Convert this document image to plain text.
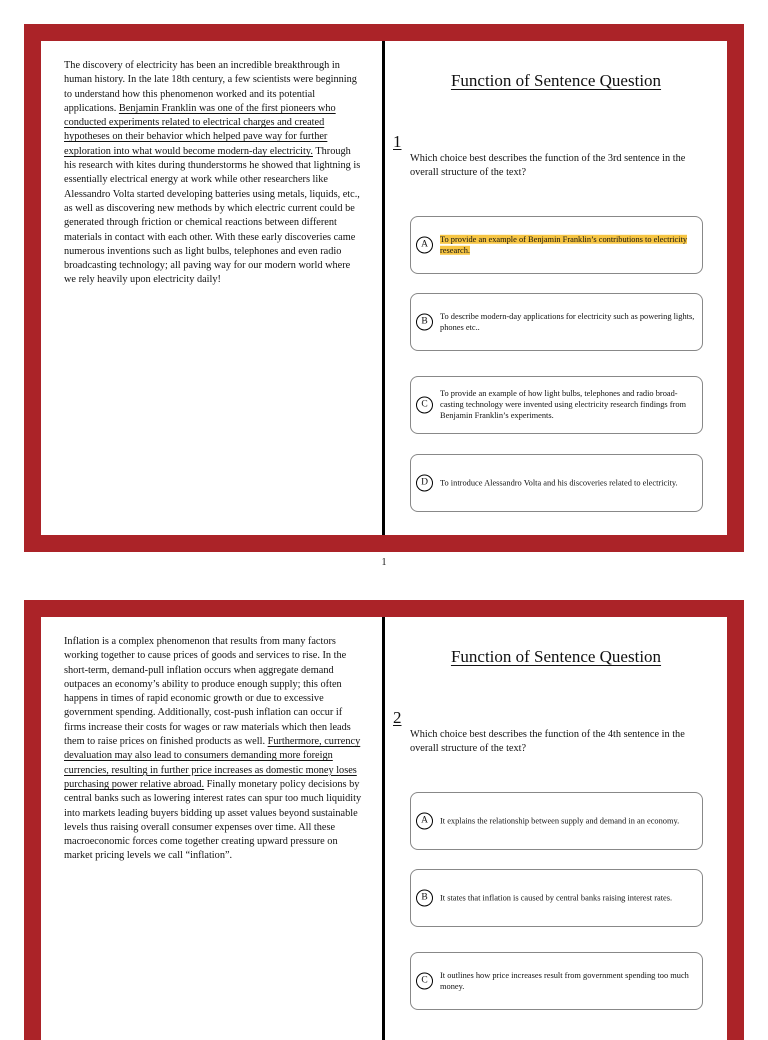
The discovery of electricity has been an incredible breakthrough in human history. In the late 18th century, a few scientists were beginning to understand how this phenomenon worked and its potential applications. Benjamin Franklin was one of the first pioneers who conducted experiments related to electrical charges and created hypotheses on their behavior which helped pave way for further exploration into what would become modern-day electricity. Through his research with kites during thunderstorms he showed that lightning is essentially electrical energy at work while other researchers like Alessandro Volta started developing batteries using metals, liquids, etc., as well as discovering new methods by which electric current could be generated through friction or chemical reactions between different materials in contact with each other. With these early discoveries came numerous inventions such as light bulbs, telephones and even radio broadcasting technology; all paving way for our modern world where we rely heavily upon electricity daily!
Function of Sentence Question
1
Which choice best describes the function of the 3rd sentence in the overall structure of the text?
A
To provide an example of Benjamin Franklin’s contributions to electricity research.
B
To describe modern-day applications for electricity such as powering lights, phones etc..
C
To provide an example of how light bulbs, telephones and radio broad-casting technology were invented using electricity research findings from Benjamin Franklin’s experiments.
D	To introduce Alessandro Volta and his discoveries related to electricity.
1
Inflation is a complex phenomenon that results from many factors working together to cause prices of goods and services to rise. In the short-term, demand-pull inflation occurs when aggregate demand outpaces an economy’s ability to produce enough supply; this often happens in times of rapid economic growth or due to excessive government spending. Additionally, cost-push inflation can occur if firms increase their costs for wages or raw materials which then leads them to raise prices on finished products as well. Furthermore, currency devaluation may also lead to consumers demanding more foreign currencies, resulting in further price increases as domestic money loses purchasing power relative abroad. Finally monetary policy decisions by central banks such as lowering interest rates can spur too much liquidity into markets leading buyers bidding up asset values beyond sustainable levels thus raising overall consumer expenses over time. All these macroeconomic forces come together creating upward pressure on market pricing levels we call “inflation”.
Function of Sentence Question
2
Which choice best describes the function of the 4th sentence in the overall structure of the text?
A	It explains the relationship between supply and demand in an economy.
B	It states that inflation is caused by central banks raising interest rates.
C
It outlines how price increases result from government spending too much money.
